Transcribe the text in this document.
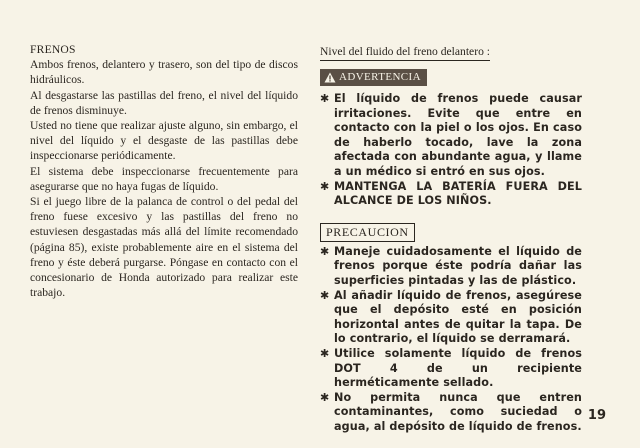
FRENOS

Ambos frenos, delantero y trasero, son del tipo de discos hidráulicos.

Al desgastarse las pastillas del freno, el nivel del líquido de frenos disminuye.

Usted no tiene que realizar ajuste alguno, sin embargo, el nivel del líquido y el desgaste de las pastillas debe inspeccionarse periódicamente.

El sistema debe inspeccionarse frecuentemente para asegurarse que no haya fugas de líquido.

Si el juego libre de la palanca de control o del pedal del freno fuese excesivo y las pastillas del freno no estuviesen desgastadas más allá del límite recomendado (página 85), existe probablemente aire en el sistema del freno y éste deberá purgarse. Póngase en contacto con el concesionario de Honda autorizado para realizar este trabajo.

Nivel del fluido del freno delantero :
ADVERTENCIA
✱ El líquido de frenos puede causar irritaciones. Evite que entre en contacto con la piel o los ojos. En caso de haberlo tocado, lave la zona afectada con abundante agua, y llame a un médico si entró en sus ojos.
✱ MANTENGA LA BATERÍA FUERA DEL ALCANCE DE LOS NIÑOS.
PRECAUCION
✱ Maneje cuidadosamente el líquido de frenos porque éste podría dañar las superficies pintadas y las de plástico.
✱ Al añadir líquido de frenos, asegúrese que el depósito esté en posición horizontal antes de quitar la tapa. De lo contrario, el líquido se derramará.
✱ Utilice solamente líquido de frenos DOT 4 de un recipiente herméticamente sellado.
✱ No permita nunca que entren contaminantes, como suciedad o agua, al depósito de líquido de frenos.
19
